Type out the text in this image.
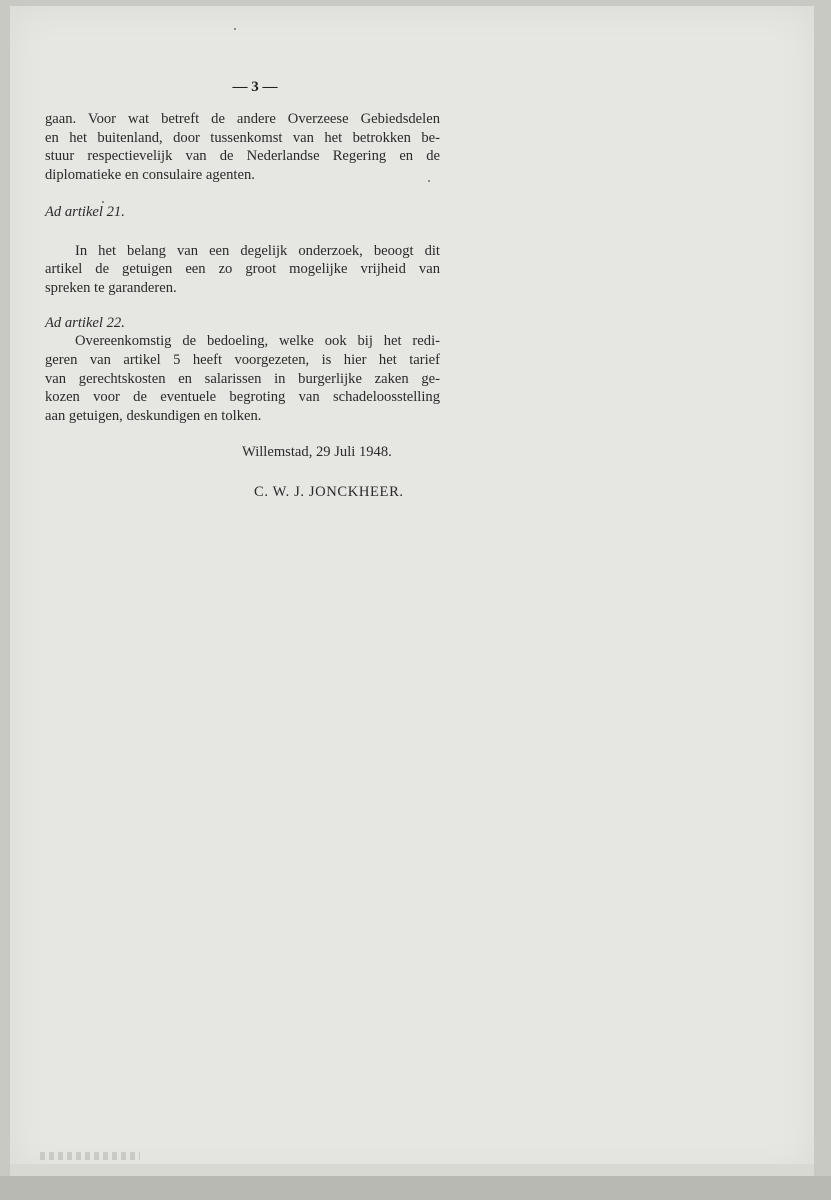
— 3 —

gaan. Voor wat betreft de andere Overzeese Gebiedsdelen
en het buitenland, door tussenkomst van het betrokken be-
stuur respectievelijk van de Nederlandse Regering en de
diplomatieke en consulaire agenten.

Ad artikel 21.

In het belang van een degelijk onderzoek, beoogt dit
artikel de getuigen een zo groot mogelijke vrijheid van
spreken te garanderen.

Ad artikel 22.

Overeenkomstig de bedoeling, welke ook bij het redi-
geren van artikel 5 heeft voorgezeten, is hier het tarief
van gerechtskosten en salarissen in burgerlijke zaken ge-
kozen voor de eventuele begroting van schadeloosstelling
aan getuigen, deskundigen en tolken.

Willemstad, 29 Juli 1948.
C. W. J. JONCKHEER.
